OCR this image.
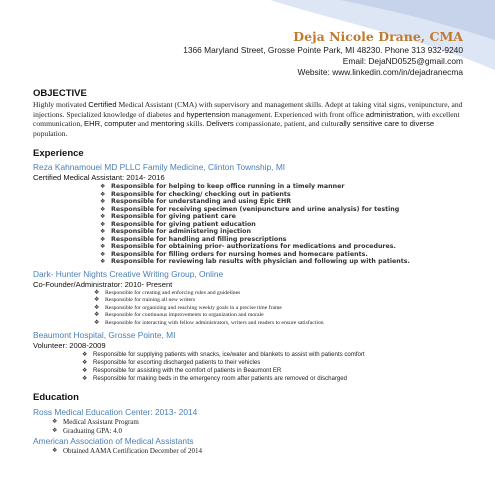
Deja Nicole Drane, CMA
1366 Maryland Street, Grosse Pointe Park, MI 48230. Phone 313 932-9240
Email: DejaND0525@gmail.com
Website: www.linkedin.com/in/dejadranecma
OBJECTIVE

Highly motivated Certified Medical Assistant (CMA) with supervisory and management skills. Adept at taking vital signs, venipuncture, and injections. Specialized knowledge of diabetes and hypertension management. Experienced with front office administration, with excellent communication, EHR, computer and mentoring skills. Delivers compassionate, patient, and culturally sensitive care to diverse population.

Experience

Reza Kahnamouei MD PLLC Family Medicine, Clinton Township, MI

Certified Medical Assistant: 2014- 2016

❖ Responsible for helping to keep office running in a timely manner
❖ Responsible for checking/ checking out in patients
❖ Responsible for understanding and using Epic EHR
❖ Responsible for receiving specimen (venipuncture and urine analysis) for testing
❖ Responsible for giving patient care
❖ Responsible for giving patient education
❖ Responsible for administering injection
❖ Responsible for handling and filling prescriptions
❖ Responsible for obtaining prior- authorizations for medications and procedures.
❖ Responsible for filling orders for nursing homes and homecare patients.
❖ Responsible for reviewing lab results with physician and following up with patients.

Dark- Hunter Nights Creative Writing Group, Online

Co-Founder/Administrator: 2010- Present

❖ Responsible for creating and enforcing rules and guidelines
❖ Responsible for training all new writers
❖ Responsible for organizing and reaching weekly goals in a precise time frame
❖ Responsible for continuous improvements to organization and morale
❖ Responsible for interacting with fellow administrators, writers and readers to ensure satisfaction

Beaumont Hospital, Grosse Pointe, MI

Volunteer: 2008-2009

❖ Responsible for supplying patients with snacks, ice/water and blankets to assist with patients comfort
❖ Responsible for escorting discharged patients to their vehicles
❖ Responsible for assisting with the comfort of patients in Beaumont ER
❖ Responsible for making beds in the emergency room after patients are removed or discharged
Education

Ross Medical Education Center: 2013- 2014

❖ Medical Assistant Program
❖ Graduating GPA: 4.0

American Association of Medical Assistants

❖ Obtained AAMA Certification December of 2014
